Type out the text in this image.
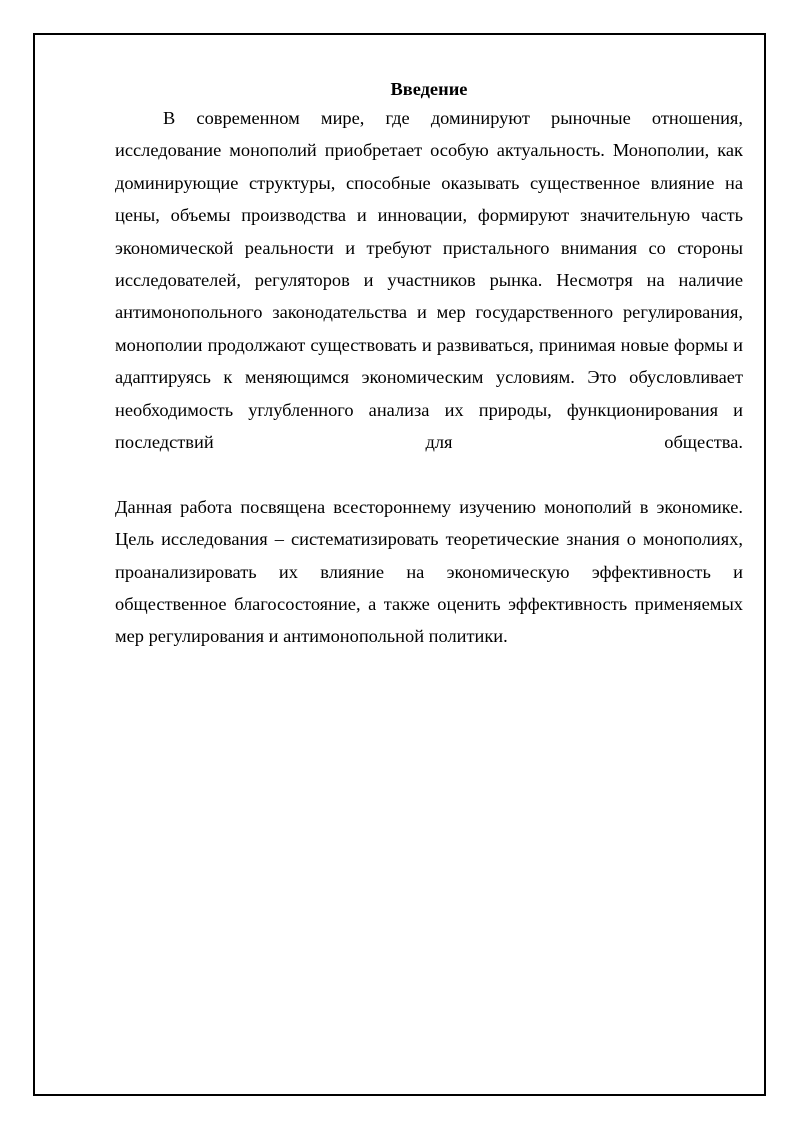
Введение

В современном мире, где доминируют рыночные отношения, исследование монополий приобретает особую актуальность. Монополии, как доминирующие структуры, способные оказывать существенное влияние на цены, объемы производства и инновации, формируют значительную часть экономической реальности и требуют пристального внимания со стороны исследователей, регуляторов и участников рынка. Несмотря на наличие антимонопольного законодательства и мер государственного регулирования, монополии продолжают существовать и развиваться, принимая новые формы и адаптируясь к меняющимся экономическим условиям. Это обусловливает необходимость углубленного анализа их природы, функционирования и последствий для общества.

Данная работа посвящена всестороннему изучению монополий в экономике. Цель исследования – систематизировать теоретические знания о монополиях, проанализировать их влияние на экономическую эффективность и общественное благосостояние, а также оценить эффективность применяемых мер регулирования и антимонопольной политики.
